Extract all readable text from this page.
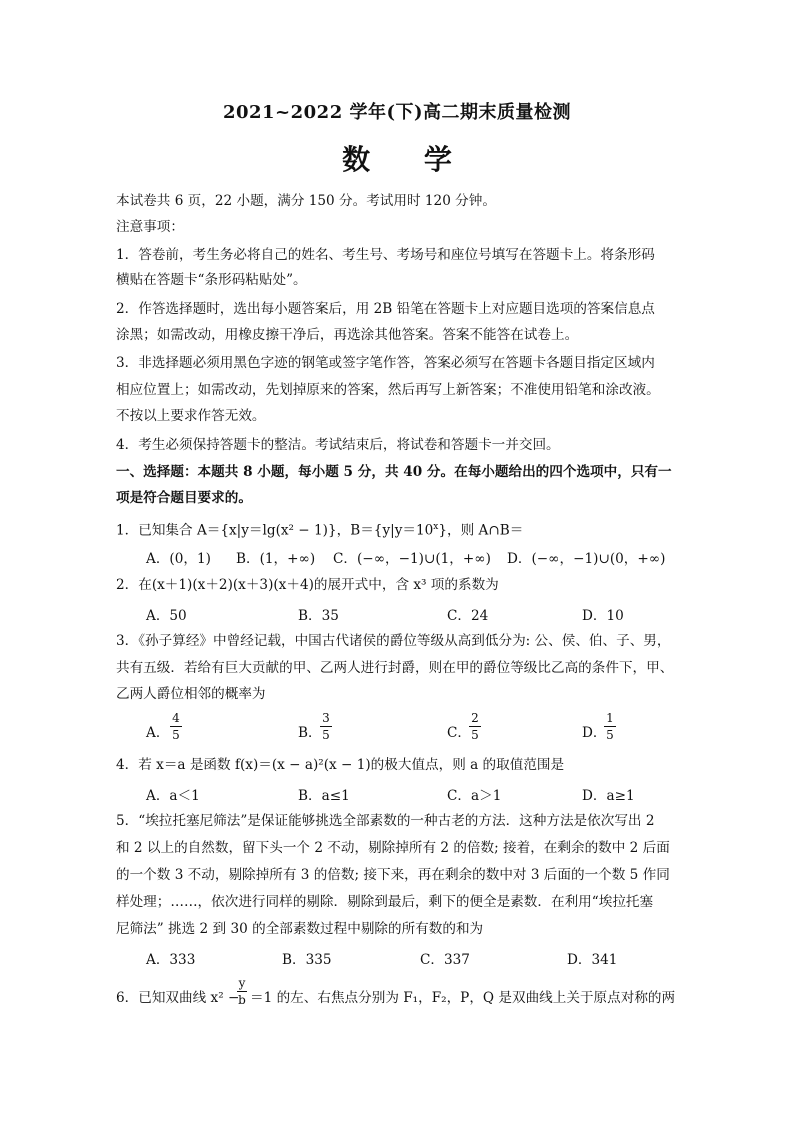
2021~2022 学年(下)高二期末质量检测
数 学
本试卷共 6 页，22 小题，满分 150 分。考试用时 120 分钟。
注意事项：
1．答卷前，考生务必将自己的姓名、考生号、考场号和座位号填写在答题卡上。将条形码
横贴在答题卡“条形码粘贴处”。
2．作答选择题时，选出每小题答案后，用 2B 铅笔在答题卡上对应题目选项的答案信息点
涂黑；如需改动，用橡皮擦干净后，再选涂其他答案。答案不能答在试卷上。
3．非选择题必须用黑色字迹的钢笔或签字笔作答，答案必须写在答题卡各题目指定区域内
相应位置上；如需改动，先划掉原来的答案，然后再写上新答案；不准使用铅笔和涂改液。
不按以上要求作答无效。
4．考生必须保持答题卡的整洁。考试结束后，将试卷和答题卡一并交回。
一、选择题：本题共 8 小题，每小题 5 分，共 40 分。在每小题给出的四个选项中，只有一
项是符合题目要求的。
1．已知集合 A＝{x|y＝lg(x² − 1)}，$B=\{y|y=10^x\}$，则 A∩B＝
A．(0，1) B．(1，+∞) C．(−∞，−1)∪(1，+∞) D．(−∞，−1)∪(0，+∞)
2．在(x＋1)(x＋2)(x＋3)(x＋4)的展开式中，含 x³ 项的系数为
A．50	B．35	C．24	D．10
3．《孙子算经》中曾经记载，中国古代诸侯的爵位等级从高到低分为: 公、侯、伯、子、男，
共有五级．若给有巨大贡献的甲、乙两人进行封爵，则在甲的爵位等级比乙高的条件下，甲、
乙两人爵位相邻的概率为
A．
4
5	B．
3
5	C．
2
5	D．
1
5
4．若 x＝a 是函数 f(x)＝(x − a)²(x − 1)的极大值点，则 a 的取值范围是
A．a＜1	B．a≤1	C．a＞1	D．a≥1
5．“埃拉托塞尼筛法”是保证能够挑选全部素数的一种古老的方法．这种方法是依次写出 2
和 2 以上的自然数，留下头一个 2 不动，剔除掉所有 2 的倍数; 接着，在剩余的数中 2 后面
的一个数 3 不动，剔除掉所有 3 的倍数; 接下来，再在剩余的数中对 3 后面的一个数 5 作同
样处理；……，依次进行同样的剔除．剔除到最后，剩下的便全是素数．在利用“埃拉托塞
尼筛法” 挑选 2 到 30 的全部素数过程中剔除的所有数的和为
A．333	B．335	C．337	D．341
6．已知双曲线 x² −
y
b ＝1 的左、右焦点分别为 F₁，F₂，P，Q 是双曲线上关于原点对称的两
